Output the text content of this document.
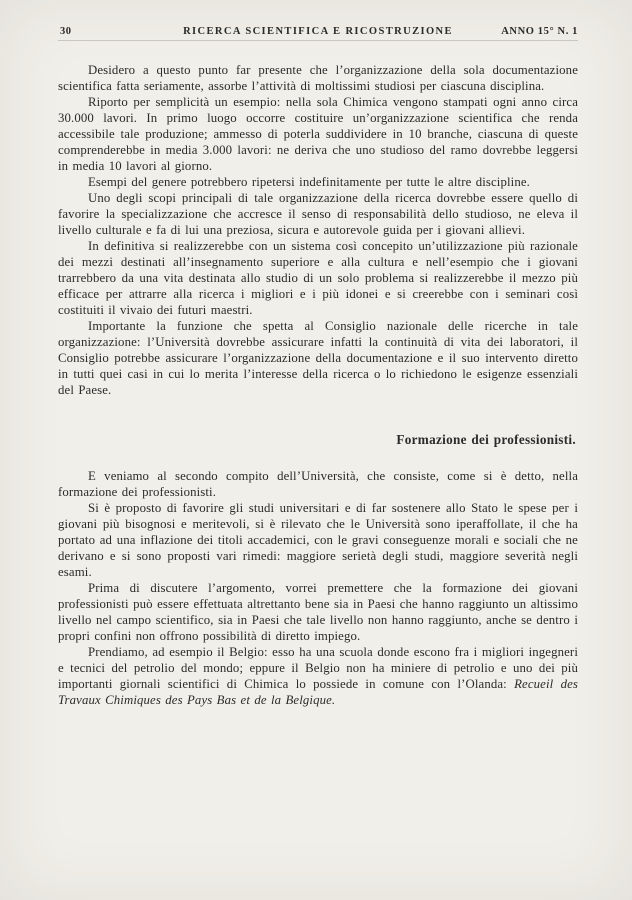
30	RICERCA SCIENTIFICA E RICOSTRUZIONE	ANNO 15° N. 1

Desidero a questo punto far presente che l’organizzazione della sola documentazione scientifica fatta seriamente, assorbe l’attività di moltissimi studiosi per ciascuna disciplina.

Riporto per semplicità un esempio: nella sola Chimica vengono stampati ogni anno circa 30.000 lavori. In primo luogo occorre costituire un’organizzazione scientifica che renda accessibile tale produzione; ammesso di poterla suddividere in 10 branche, ciascuna di queste comprenderebbe in media 3.000 lavori: ne deriva che uno studioso del ramo dovrebbe leggersi in media 10 lavori al giorno.

Esempi del genere potrebbero ripetersi indefinitamente per tutte le altre discipline.

Uno degli scopi principali di tale organizzazione della ricerca dovrebbe essere quello di favorire la specializzazione che accresce il senso di responsabilità dello studioso, ne eleva il livello culturale e fa di lui una preziosa, sicura e autorevole guida per i giovani allievi.

In definitiva si realizzerebbe con un sistema così concepito un’utilizzazione più razionale dei mezzi destinati all’insegnamento superiore e alla cultura e nell’esempio che i giovani trarrebbero da una vita destinata allo studio di un solo problema si realizzerebbe il mezzo più efficace per attrarre alla ricerca i migliori e i più idonei e si creerebbe con i seminari così costituiti il vivaio dei futuri maestri.

Importante la funzione che spetta al Consiglio nazionale delle ricerche in tale organizzazione: l’Università dovrebbe assicurare infatti la continuità di vita dei laboratori, il Consiglio potrebbe assicurare l’organizzazione della documentazione e il suo intervento diretto in tutti quei casi in cui lo merita l’interesse della ricerca o lo richiedono le esigenze essenziali del Paese.

Formazione dei professionisti.

E veniamo al secondo compito dell’Università, che consiste, come si è detto, nella formazione dei professionisti.

Si è proposto di favorire gli studi universitari e di far sostenere allo Stato le spese per i giovani più bisognosi e meritevoli, si è rilevato che le Università sono iperaffollate, il che ha portato ad una inflazione dei titoli accademici, con le gravi conseguenze morali e sociali che ne derivano e si sono proposti vari rimedi: maggiore serietà degli studi, maggiore severità negli esami.

Prima di discutere l’argomento, vorrei premettere che la formazione dei giovani professionisti può essere effettuata altrettanto bene sia in Paesi che hanno raggiunto un altissimo livello nel campo scientifico, sia in Paesi che tale livello non hanno raggiunto, anche se dentro i propri confini non offrono possibilità di diretto impiego.

Prendiamo, ad esempio il Belgio: esso ha una scuola donde escono fra i migliori ingegneri e tecnici del petrolio del mondo; eppure il Belgio non ha miniere di petrolio e uno dei più importanti giornali scientifici di Chimica lo possiede in comune con l’Olanda: Recueil des Travaux Chimiques des Pays Bas et de la Belgique.
